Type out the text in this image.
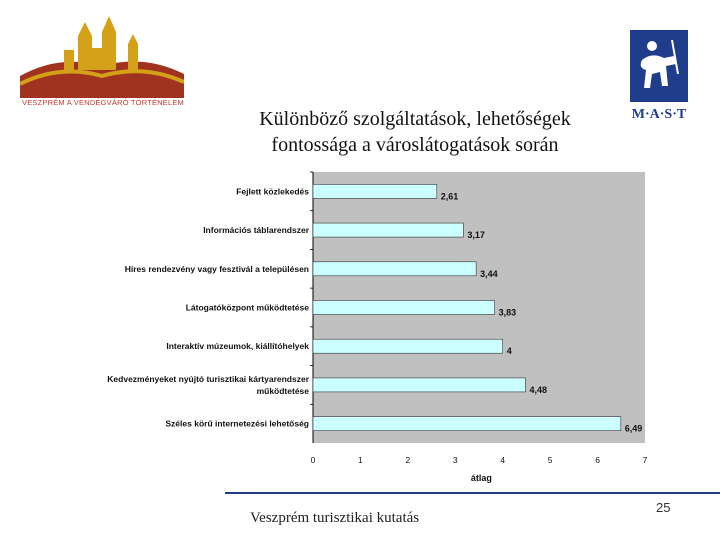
VESZPRÉM A VENDÉGVÁRÓ TÖRTÉNELEM
M·A·S·T
Különböző szolgáltatások, lehetőségek
fontossága a városlátogatások során
2,61
Fejlett közlekedés
3,17
Információs táblarendszer
3,44
Híres rendezvény vagy fesztivál a településen
3,83
Látogatóközpont működtetése
4
Interaktív múzeumok, kiállítóhelyek
4,48
Kedvezményeket nyújtó turisztikai kártyarendszer
működtetése
6,49
Széles körű internetezési lehetőség
0	1	2	3	4	5	6	7
átlag
Veszprém turisztikai kutatás
25
